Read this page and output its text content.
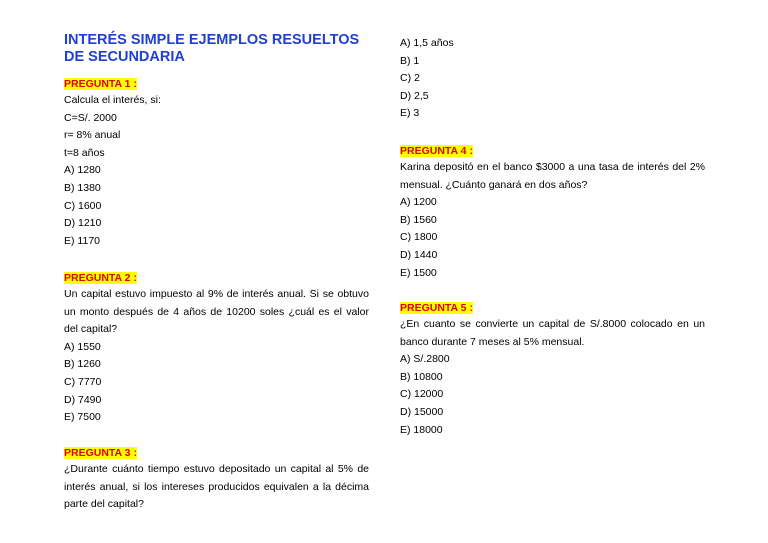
INTERÉS SIMPLE EJEMPLOS RESUELTOS DE SECUNDARIA
PREGUNTA 1 :
Calcula el interés, si:
C=S/. 2000
r= 8% anual
t=8 años
A) 1280
B) 1380
C) 1600
D) 1210
E) 1170
PREGUNTA 2 :
Un capital estuvo impuesto al 9% de interés anual. Si se obtuvo un monto después de 4 años de 10200 soles ¿cuál es el valor del capital?
A) 1550
B) 1260
C) 7770
D) 7490
E) 7500
PREGUNTA 3 :
¿Durante cuánto tiempo estuvo depositado un capital al 5% de interés anual, si los intereses producidos equivalen a la décima parte del capital?
A) 1,5 años
B) 1
C) 2
D) 2,5
E) 3
PREGUNTA 4 :
Karina depositó en el banco $3000 a una tasa de interés del 2% mensual. ¿Cuánto ganará en dos años?
A) 1200
B) 1560
C) 1800
D) 1440
E) 1500
PREGUNTA 5 :
¿En cuanto se convierte un capital de S/.8000 colocado en un banco durante 7 meses al 5% mensual.
A) S/.2800
B) 10800
C) 12000
D) 15000
E) 18000
